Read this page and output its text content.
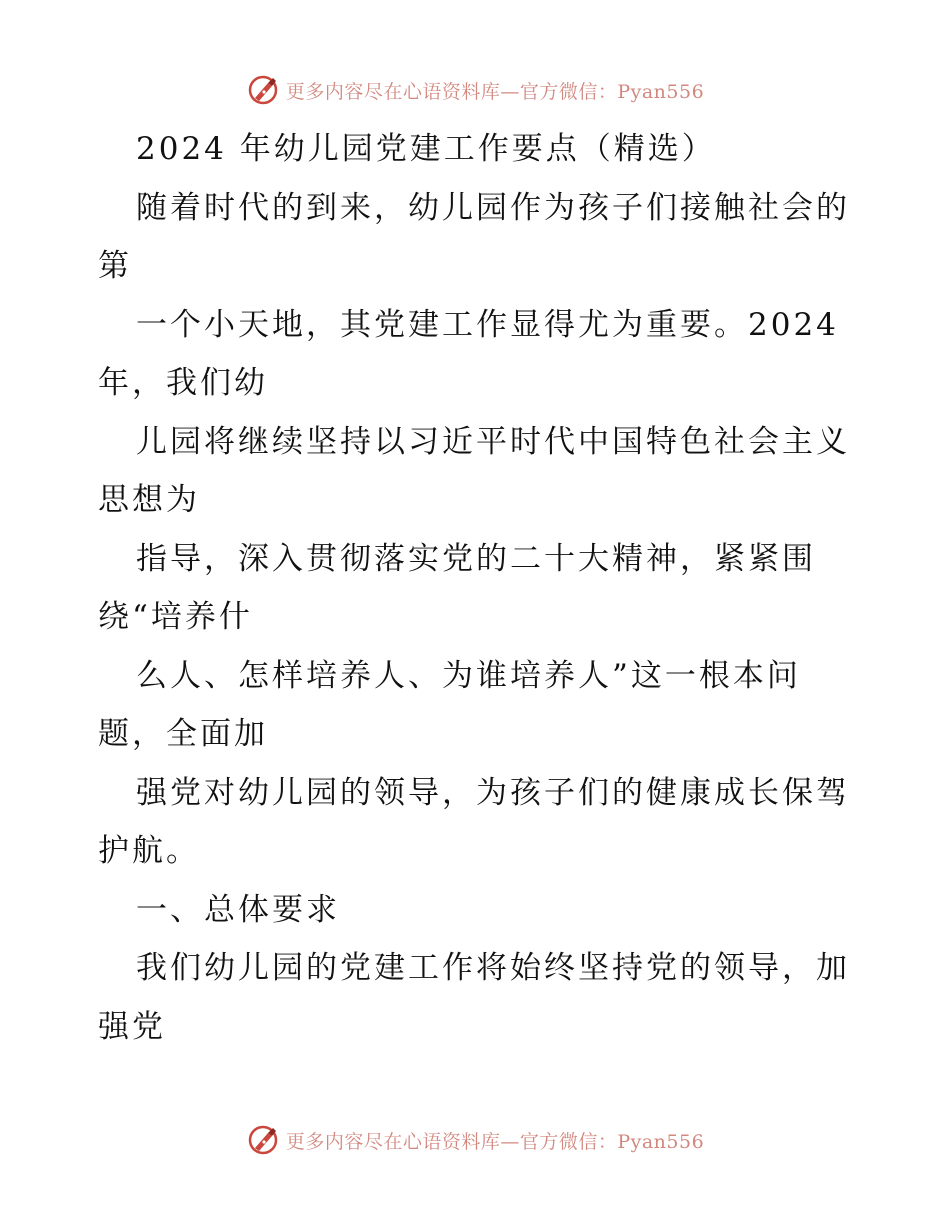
更多内容尽在心语资料库—官方微信：Pyan556
2024 年幼儿园党建工作要点（精选）
随着时代的到来，幼儿园作为孩子们接触社会的
第
一个小天地，其党建工作显得尤为重要。2024
年，我们幼
儿园将继续坚持以习近平时代中国特色社会主义
思想为
指导，深入贯彻落实党的二十大精神，紧紧围
绕“培养什
么人、怎样培养人、为谁培养人”这一根本问
题，全面加
强党对幼儿园的领导，为孩子们的健康成长保驾
护航。
一、总体要求
我们幼儿园的党建工作将始终坚持党的领导，加
强党
更多内容尽在心语资料库—官方微信：Pyan556
